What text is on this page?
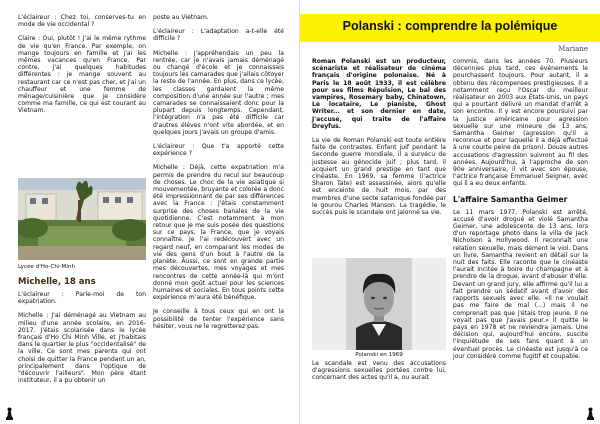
L'éclaireur : Chez toi, conserves-tu en mode de vie occidental ?

Claire : Oui, plutôt ! J'ai le même rythme de vie qu'en France. Par exemple, on mange toujours en famille et j'ai les mêmes vacances qu'en France. Par contre, j'ai quelques habitudes différentes : je mange souvent au restaurant car ce n'est pas cher, et j'ai un chauffeur et une femme de ménage/cuisinière que je considère comme ma famille, ce qui est courant au Vietnam.

Lycée d'Ho-Chi-Minh
Michelle, 18 ans

L'éclaireur : Parle-moi de ton expatriation.

Michelle : J'ai déménagé au Vietnam au milieu d'une année scolaire, en 2016-2017. J'étais scolarisée dans le lycée français d'Ho Chi Minh Ville, et j'habitais dans le quartier le plus "occidentalisé" de la ville. Ce sont mes parents qui ont choisi de quitter la France pendant un an, principalement dans l'optique de "découvrir l'ailleurs". Mon père étant instituteur, il a pu obtenir un

poste au Vietnam.

L'éclaireur : L'adaptation a-t-elle été difficile ?

Michelle : J'appréhendais un peu la rentrée, car je n'avais jamais déménagé ou changé d'école et je connaissais toujours les camarades que j'allais côtoyer la reste de l'année. En plus, dans ce lycée, les classes gardaient la même composition d'une année sur l'autre ; mes camarades se connaissaient donc pour la plupart depuis longtemps. Cependant, l'intégration n'a pas été difficile car d'autres élèves n'ont vite abordée, et en quelques jours j'avais un groupe d'amis.

L'éclaireur : Que t'a apporté cette expérience ?

Michelle : Déjà, cette expatriation m'a permis de prendre du recul sur beaucoup de choses. Le choc de la vie asiatique si mouvementée, bruyante et colorée a donc été impressionnant de par ses différences avec la France : j'étais constamment surprise des choses banales de la vie quotidienne. C'est notamment à mon retour que je me suis posée des questions sur ce pays, la France, que je voyais connaître. Je l'ai redécouvert avec un regard neuf, en comparant les modes de vie des gens d'un bout à l'autre de la planète. Aussi, ce sont en grande partie mes découvertes, mes voyages et mes rencontres de cette année-là qui m'ont donné mon goût actuel pour les sciences humaines et sociales. En tous points cette expérience m'aura été bénéfique.

Je conseille à tous ceux qui en ont la possibilité de tenter l'expérience sans hésiter, vous ne le regretterez pas.

Polanski : comprendre la polémique
Mariane

Roman Polanski est un producteur, scénariste et réalisateur de cinéma français d'origine polonaise. Né à Paris le 18 août 1933, il est célèbre pour ses films Répulsion, Le bal des vampires, Rosemary baby, Chinatown, Le locataire, Le pianiste, Ghost Writer... et son dernier en date, J'accuse, qui traite de l'affaire Dreyfus.

La vie de Roman Polanski est toute entière faite de contrastes. Enfant juif pendant la Seconde guerre mondiale, il a survécu de justesse au génocide juif ; plus tard, il acquiert un grand prestige en tant que cinéaste. En 1969, sa femme (l'actrice Sharon Tate) est assassinée, alors qu'elle est enceinte de huit mois, par des membres d'une secte satanique fondée par le gourou Charles Manson. La tragédie, le succès puis le scandale ont jalonné sa vie.

Polanski en 1969

Le scandale est venu des accusations d'agressions sexuelles portées contre lui, concernant des actes qu'il a, ou aurait

commis, dans les années 70. Plusieurs décennies plus tard, ces événements le pourchassent toujours. Pour autant, il a obtenu des récompenses prestigieuses. Il a notamment reçu l'Oscar du meilleur réalisateur en 2003 aux États-Unis, un pays qui a pourtant délivré un mandat d'arrêt à son encontre. Il y est encore poursuivi par la justice américaine pour agression sexuelle sur une mineure de 13 ans, Samantha Geimer (agression qu'il a reconnue et pour laquelle il a déjà effectué à une courte peine de prison). Douze autres accusations d'agression suivront au fil des années. Aujourd'hui, à l'approche de son 90e anniversaire, il vit avec son épouse, l'actrice française Emmanuel Seigner, avec qui il a eu deux enfants.

L'affaire Samantha Geimer

Le 11 mars 1977, Polanski est arrêté, accusé d'avoir drogué et violé Samantha Geimer, une adolescente de 13 ans, lors d'un reportage photo dans la villa de Jack Nicholson à Hollywood. Il reconnaît une relation sexuelle, mais dément le viol. Dans un livre, Samantha revient en détail sur la nuit des faits. Elle raconte que le cinéaste l'aurait incitée à boire du champagne et à prendre de la drogue, avant d'abuser d'elle. Devant un grand jury, elle affirme qu'il lui a fait prendre un sédatif avant d'avoir des rapports sexuels avec elle. «Il ne voulait pas me faire de mal (...) mais il ne comprenait pas que j'étais trop jeune. Il ne voyait pas que j'avais peur.» Il quitte le pays en 1978 et ne reviendra jamais. Une décision qui, aujourd'hui encore, suscite l'inquiétude de ses fans quant à un éventuel procès. Le cinéaste est jusqu'à ce jour considéré comme fugitif et coupable.
